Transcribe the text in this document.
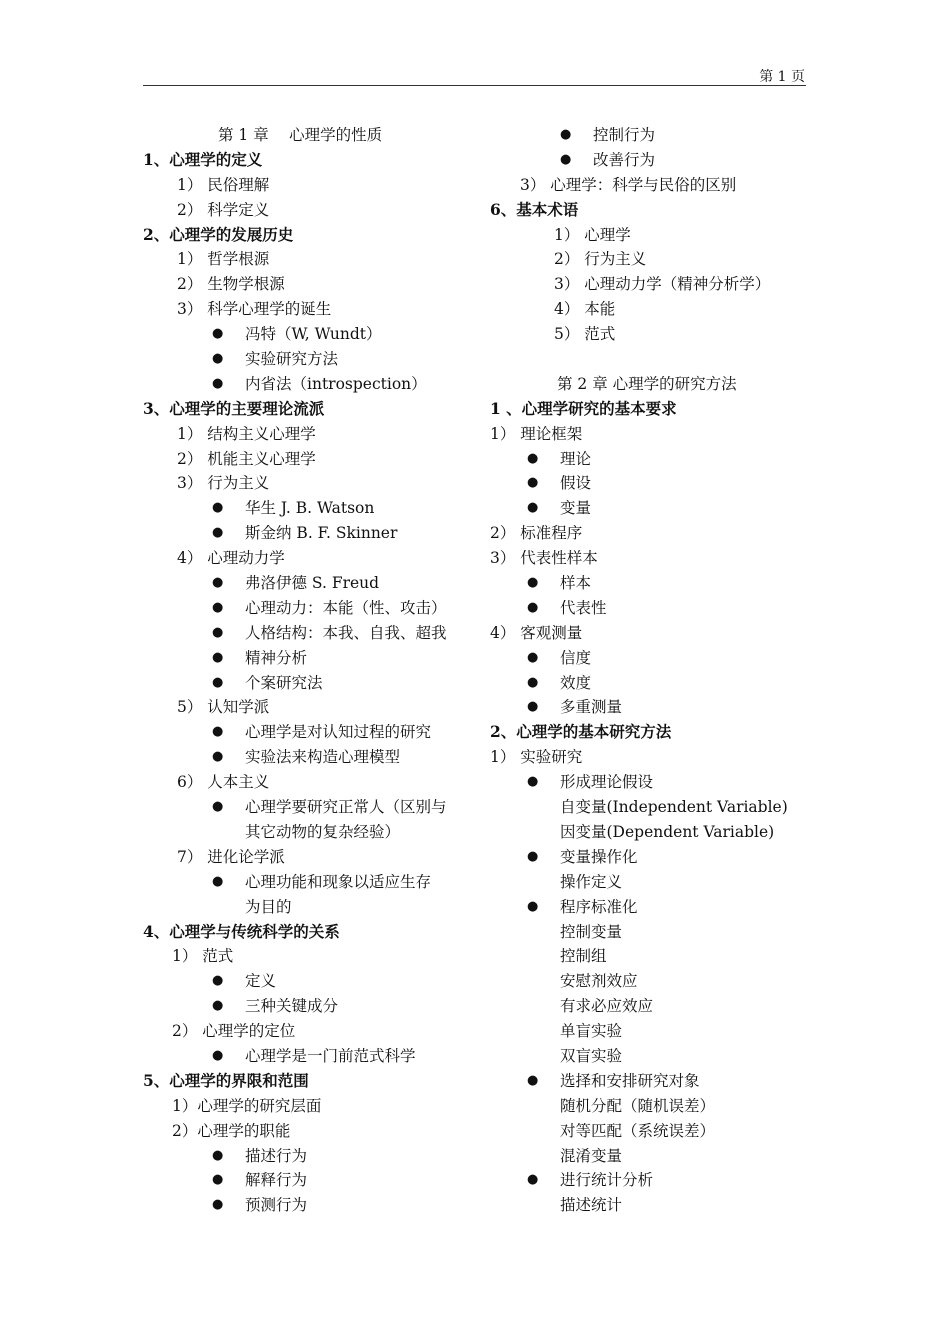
第 1 页
第 1 章　 心理学的性质
1、心理学的定义
1） 民俗理解
2） 科学定义
2、心理学的发展历史
1） 哲学根源
2） 生物学根源
3） 科学心理学的诞生
● 冯特（W, Wundt）
● 实验研究方法
● 内省法（introspection）
3、心理学的主要理论流派
1） 结构主义心理学
2） 机能主义心理学
3） 行为主义
● 华生 J. B. Watson
● 斯金纳 B. F. Skinner
4） 心理动力学
● 弗洛伊德 S. Freud
● 心理动力：本能（性、攻击）
● 人格结构：本我、自我、超我
● 精神分析
● 个案研究法
5） 认知学派
● 心理学是对认知过程的研究
● 实验法来构造心理模型
6） 人本主义
● 心理学要研究正常人（区别与
其它动物的复杂经验）
7） 进化论学派
● 心理功能和现象以适应生存
为目的
4、心理学与传统科学的关系
1） 范式
● 定义
● 三种关键成分
2） 心理学的定位
● 心理学是一门前范式科学
5、心理学的界限和范围
1）心理学的研究层面
2）心理学的职能
● 描述行为
● 解释行为
● 预测行为
● 控制行为
● 改善行为
3） 心理学：科学与民俗的区别
6、基本术语
1） 心理学
2） 行为主义
3） 心理动力学（精神分析学）
4） 本能
5） 范式
第 2 章 心理学的研究方法
1 、心理学研究的基本要求
1） 理论框架
● 理论
● 假设
● 变量
2） 标准程序
3） 代表性样本
● 样本
● 代表性
4） 客观测量
● 信度
● 效度
● 多重测量
2、心理学的基本研究方法
1） 实验研究
● 形成理论假设
自变量(Independent Variable)
因变量(Dependent Variable)
● 变量操作化
操作定义
● 程序标准化
控制变量
控制组
安慰剂效应
有求必应效应
单盲实验
双盲实验
● 选择和安排研究对象
随机分配（随机误差）
对等匹配（系统误差）
混淆变量
● 进行统计分析
描述统计
